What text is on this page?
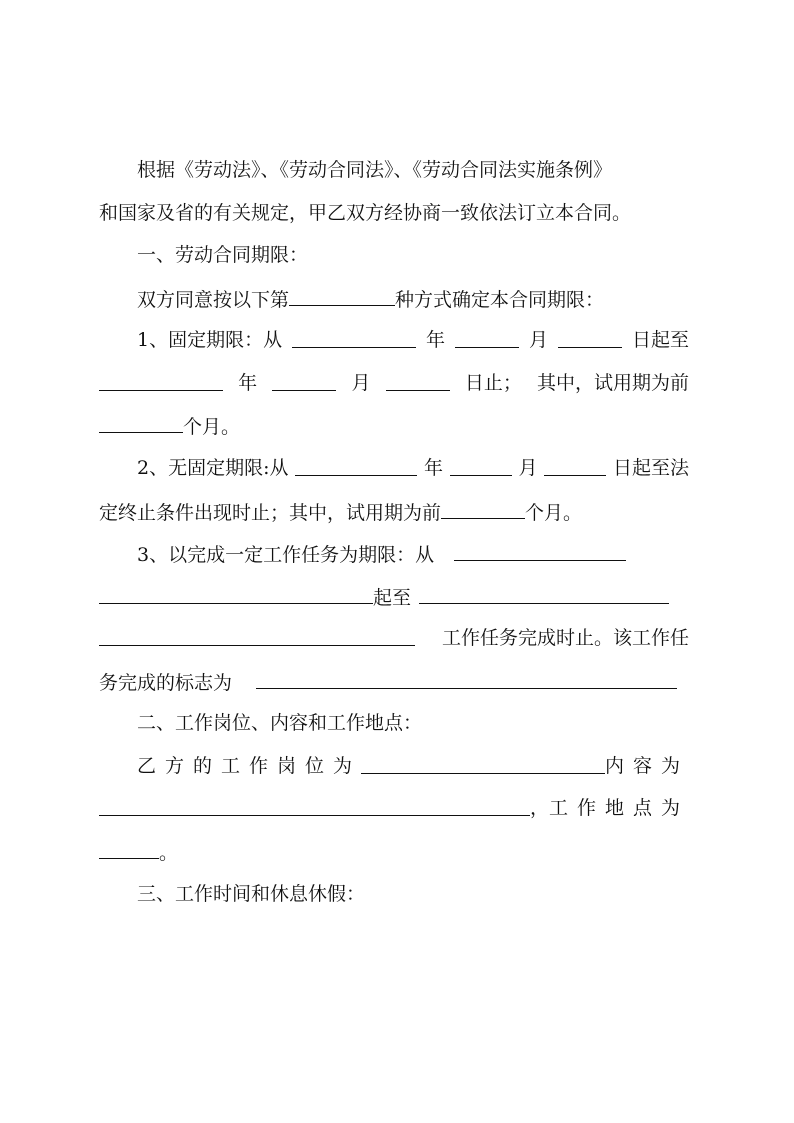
根据《劳动法》、《劳动合同法》、《劳动合同法实施条例》
和国家及省的有关规定，甲乙双方经协商一致依法订立本合同。
一、劳动合同期限：
双方同意按以下第	种方式确定本合同期限：
1、固定期限：从	年	月	日起至
年	月	日止； 其中，试用期为前
个月。
2、无固定期限:从	年	月	日起至法
定终止条件出现时止；其中，试用期为前	个月。
3、以完成一定工作任务为期限：从
起至
工作任务完成时止。该工作任
务完成的标志为
二、工作岗位、内容和工作地点：
乙方的工作岗位为	内容为
， 工作地点为
。
三、工作时间和休息休假：
